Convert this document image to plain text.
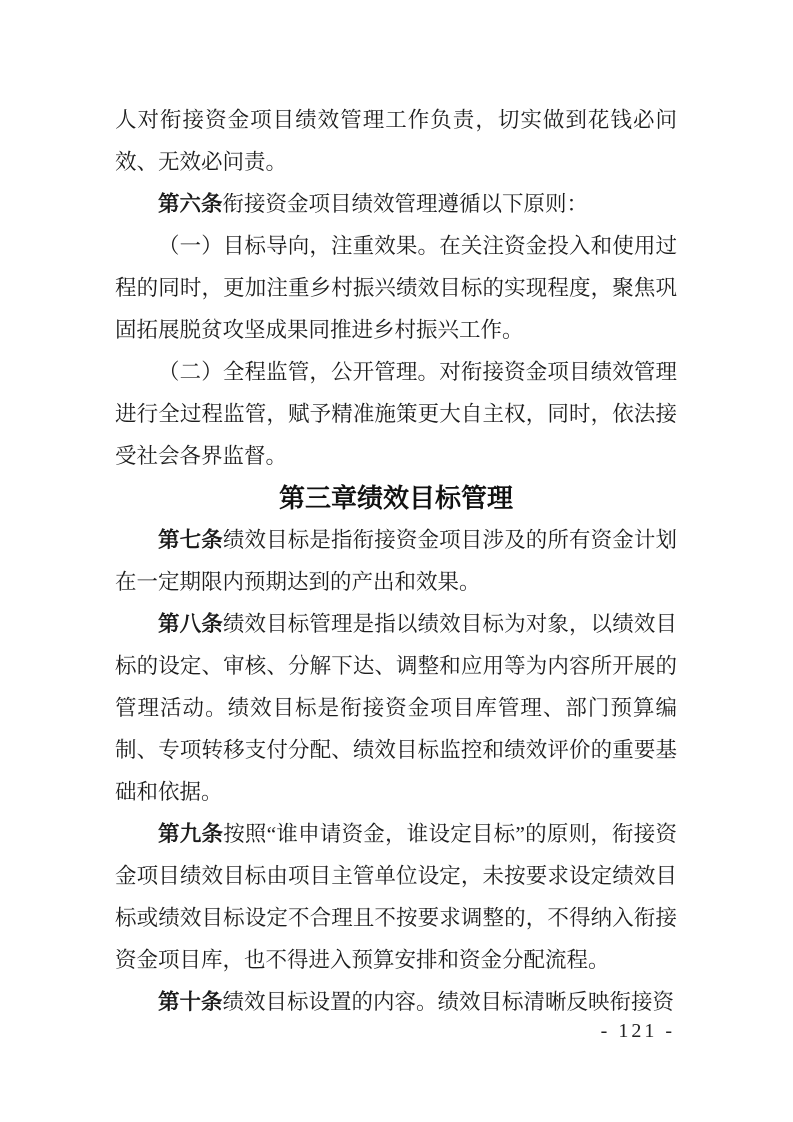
人对衔接资金项目绩效管理工作负责，切实做到花钱必问效、无效必问责。

第六条衔接资金项目绩效管理遵循以下原则：

（一）目标导向，注重效果。在关注资金投入和使用过程的同时，更加注重乡村振兴绩效目标的实现程度，聚焦巩固拓展脱贫攻坚成果同推进乡村振兴工作。

（二）全程监管，公开管理。对衔接资金项目绩效管理进行全过程监管，赋予精准施策更大自主权，同时，依法接受社会各界监督。

第三章绩效目标管理

第七条绩效目标是指衔接资金项目涉及的所有资金计划在一定期限内预期达到的产出和效果。

第八条绩效目标管理是指以绩效目标为对象，以绩效目标的设定、审核、分解下达、调整和应用等为内容所开展的管理活动。绩效目标是衔接资金项目库管理、部门预算编制、专项转移支付分配、绩效目标监控和绩效评价的重要基础和依据。

第九条按照“谁申请资金，谁设定目标”的原则，衔接资金项目绩效目标由项目主管单位设定，未按要求设定绩效目标或绩效目标设定不合理且不按要求调整的，不得纳入衔接资金项目库，也不得进入预算安排和资金分配流程。

第十条绩效目标设置的内容。绩效目标清晰反映衔接资

- 121 -
